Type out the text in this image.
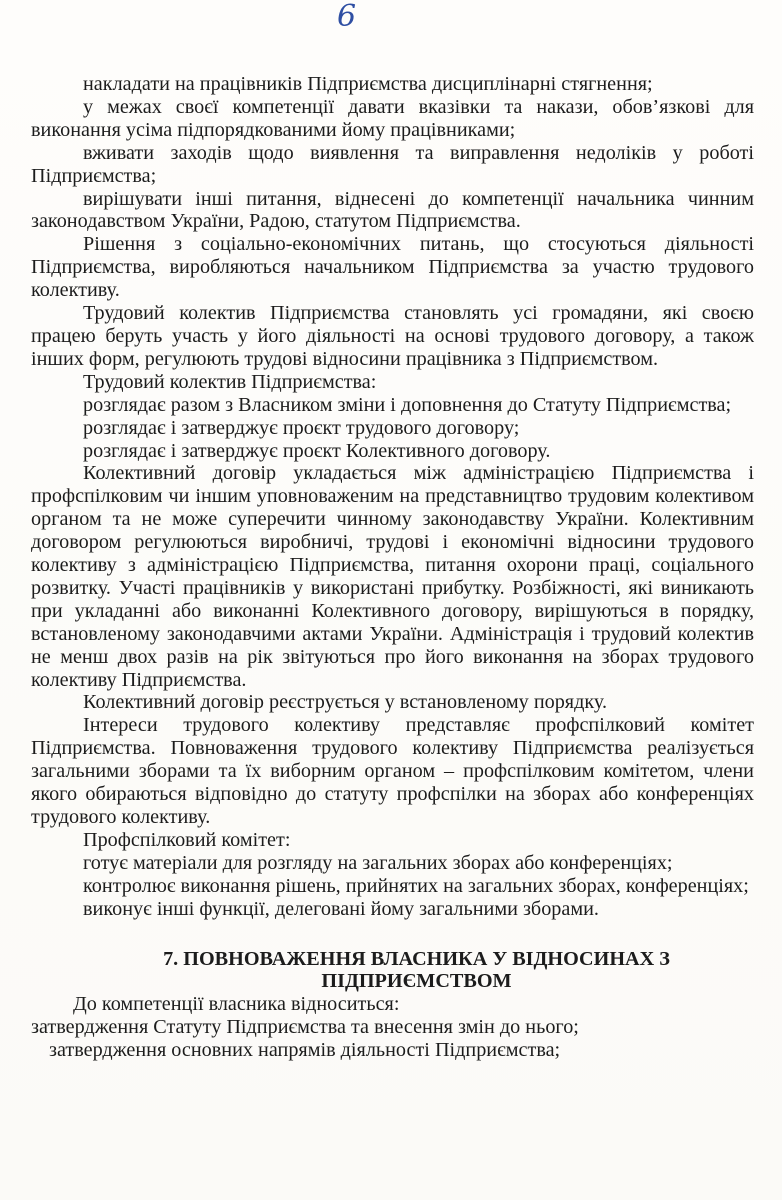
6

накладати на працівників Підприємства дисциплінарні стягнення;

у межах своєї компетенції давати вказівки та накази, обов’язкові для виконання усіма підпорядкованими йому працівниками;

вживати заходів щодо виявлення та виправлення недоліків у роботі Підприємства;

вирішувати інші питання, віднесені до компетенції начальника чинним законодавством України, Радою, статутом Підприємства.

Рішення з соціально-економічних питань, що стосуються діяльності Підприємства, виробляються начальником Підприємства за участю трудового колективу.

Трудовий колектив Підприємства становлять усі громадяни, які своєю працею беруть участь у його діяльності на основі трудового договору, а також інших форм, регулюють трудові відносини працівника з Підприємством.

Трудовий колектив Підприємства:

розглядає разом з Власником зміни і доповнення до Статуту Підприємства;

розглядає і затверджує проєкт трудового договору;

розглядає і затверджує проєкт Колективного договору.

Колективний договір укладається між адміністрацією Підприємства і профспілковим чи іншим уповноваженим на представництво трудовим колективом органом та не може суперечити чинному законодавству України. Колективним договором регулюються виробничі, трудові і економічні відносини трудового колективу з адміністрацією Підприємства, питання охорони праці, соціального розвитку. Участі працівників у використані прибутку. Розбіжності, які виникають при укладанні або виконанні Колективного договору, вирішуються в порядку, встановленому законодавчими актами України. Адміністрація і трудовий колектив не менш двох разів на рік звітуються про його виконання на зборах трудового колективу Підприємства.

Колективний договір реєструється у встановленому порядку.

Інтереси трудового колективу представляє профспілковий комітет Підприємства. Повноваження трудового колективу Підприємства реалізується загальними зборами та їх виборним органом – профспілковим комітетом, члени якого обираються відповідно до статуту профспілки на зборах або конференціях трудового колективу.

Профспілковий комітет:

готує матеріали для розгляду на загальних зборах або конференціях;

контролює виконання рішень, прийнятих на загальних зборах, конференціях;

виконує інші функції, делеговані йому загальними зборами.

7. ПОВНОВАЖЕННЯ ВЛАСНИКА У ВІДНОСИНАХ З
ПІДПРИЄМСТВОМ

До компетенції власника відноситься:

затвердження Статуту Підприємства та внесення змін до нього;

затвердження основних напрямів діяльності Підприємства;
